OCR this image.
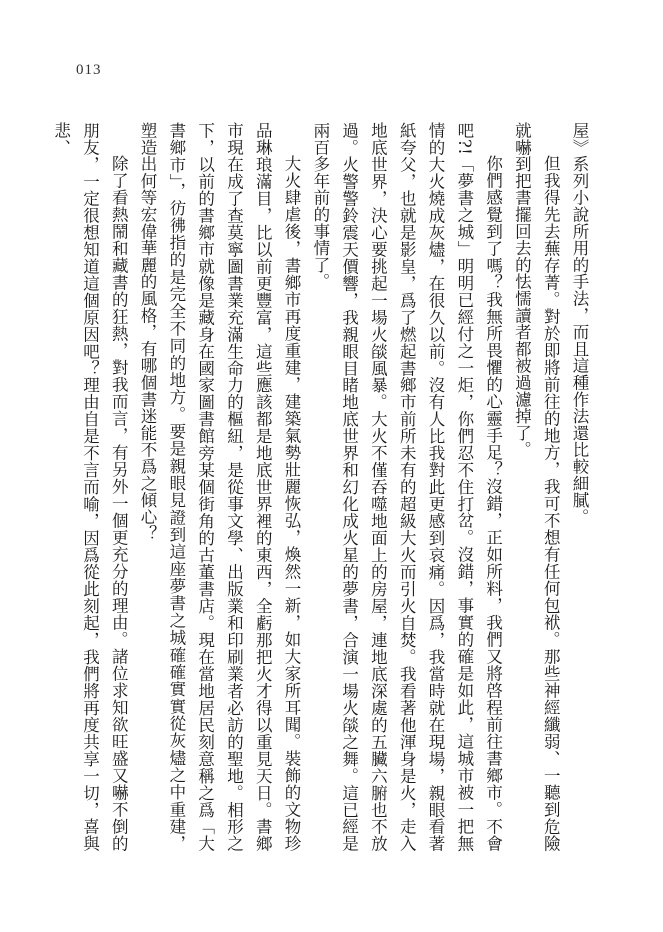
013

屋》系列小說所用的手法，而且這種作法還比較細膩。

但我得先去蕪存菁。對於即將前往的地方，我可不想有任何包袱。那些神經纖弱、一聽到危險就嚇到把書擺回去的怯懦讀者都被過濾掉了。

你們感覺到了嗎？我無所畏懼的心靈手足？沒錯，正如所料，我們又將啓程前往書鄉市。不會吧?!「夢書之城」明明已經付之一炬，你們忍不住打岔。沒錯，事實的確是如此，這城市被一把無情的大火燒成灰燼，在很久以前。沒有人比我對此更感到哀痛。因爲，我當時就在現場，親眼看著紙夸父，也就是影皇，爲了燃起書鄉市前所未有的超級大火而引火自焚。我看著他渾身是火，走入地底世界，決心要挑起一場火燄風暴。大火不僅吞噬地面上的房屋，連地底深處的五臟六腑也不放過。火警警鈴震天價響，我親眼目睹地底世界和幻化成火星的夢書，合演一場火燄之舞。這已經是兩百多年前的事情了。

大火肆虐後，書鄉市再度重建，建築氣勢壯麗恢弘，煥然一新，如大家所耳聞。裝飾的文物珍品琳琅滿目，比以前更豐富，這些應該都是地底世界裡的東西，全虧那把火才得以重見天日。書鄉市現在成了查莫寧圖書業充滿生命力的樞紐，是從事文學、出版業和印刷業者必訪的聖地。相形之下，以前的書鄉市就像是藏身在國家圖書館旁某個街角的古董書店。現在當地居民刻意稱之爲「大書鄉市」，彷彿指的是完全不同的地方。要是親眼見證到這座夢書之城確確實實從灰燼之中重建，塑造出何等宏偉華麗的風格，有哪個書迷能不爲之傾心？

除了看熱鬧和藏書的狂熱，對我而言，有另外一個更充分的理由。諸位求知欲旺盛又嚇不倒的朋友，一定很想知道這個原因吧？理由自是不言而喻，因爲從此刻起，我們將再度共享一切，喜與悲、
